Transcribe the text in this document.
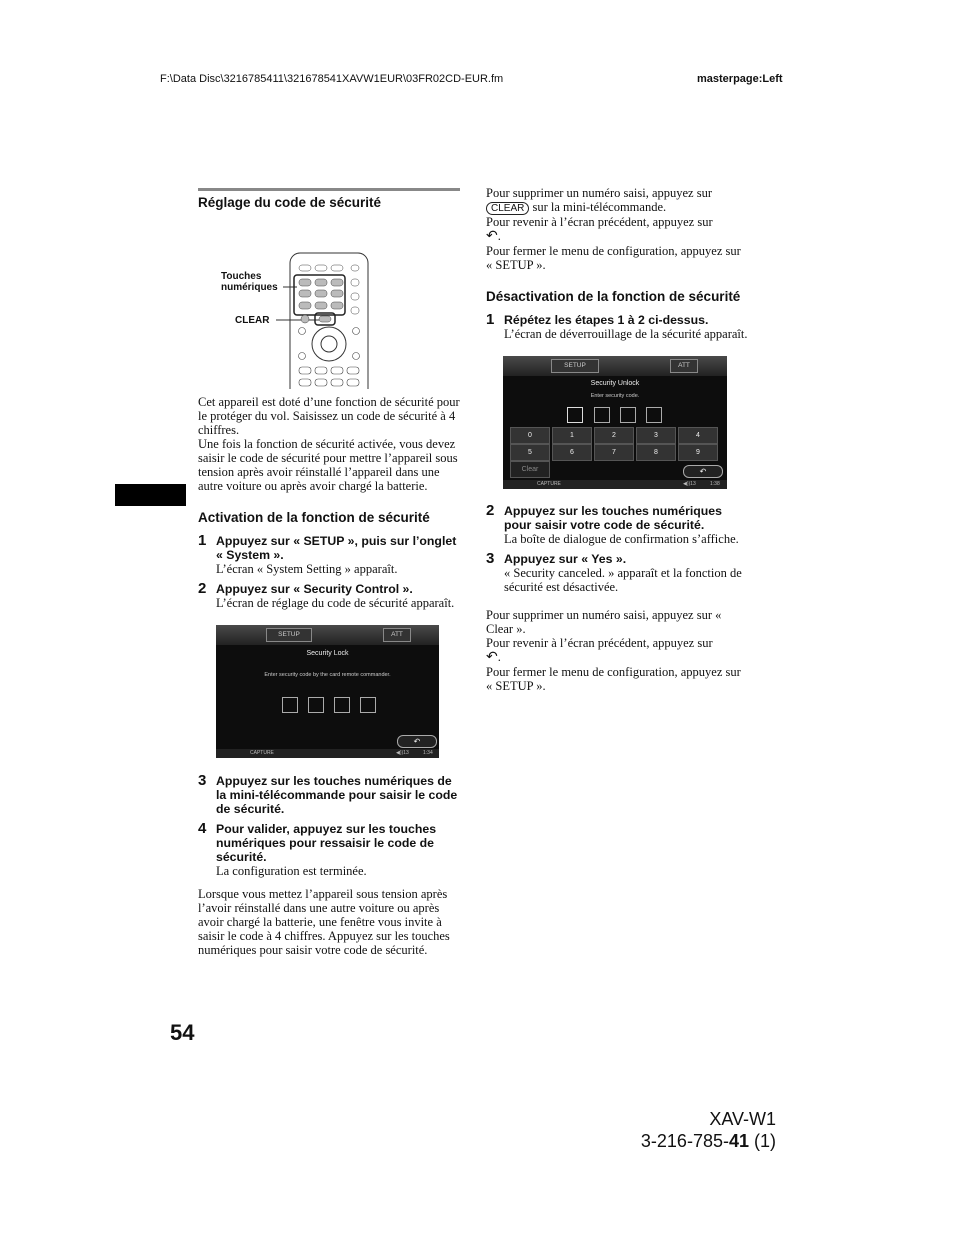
F:\Data Disc\3216785411\321678541XAVW1EUR\03FR02CD-EUR.fm	masterpage:Left
Réglage du code de sécurité
Touches numériques
CLEAR

Cet appareil est doté d’une fonction de sécurité pour le protéger du vol. Saisissez un code de sécurité à 4 chiffres.

Une fois la fonction de sécurité activée, vous devez saisir le code de sécurité pour mettre l’appareil sous tension après avoir réinstallé l’appareil dans une autre voiture ou après avoir chargé la batterie.

Activation de la fonction de sécurité
1 Appuyez sur « SETUP », puis sur l’onglet « System ».
L’écran « System Setting » apparaît.
2 Appuyez sur « Security Control ».
L’écran de réglage du code de sécurité apparaît.
SETUP	ATT
Security Lock
Enter security code by the card remote commander.
↶
CAPTURE	◀))13	1:34
3 Appuyez sur les touches numériques de la mini-télécommande pour saisir le code de sécurité.
4 Pour valider, appuyez sur les touches numériques pour ressaisir le code de sécurité.
La configuration est terminée.

Lorsque vous mettez l’appareil sous tension après l’avoir réinstallé dans une autre voiture ou après avoir chargé la batterie, une fenêtre vous invite à saisir le code à 4 chiffres. Appuyez sur les touches numériques pour saisir votre code de sécurité.

Pour supprimer un numéro saisi, appuyez sur
CLEAR sur la mini-télécommande.

Pour revenir à l’écran précédent, appuyez sur
↶.

Pour fermer le menu de configuration, appuyez sur « SETUP ».

Désactivation de la fonction de sécurité
1 Répétez les étapes 1 à 2 ci-dessus.
L’écran de déverrouillage de la sécurité apparaît.
SETUP	ATT
Security Unlock
Enter security code.
0	1	2	3	4
5	6	7	8	9
Clear	↶
CAPTURE	◀))13	1:38
2 Appuyez sur les touches numériques pour saisir votre code de sécurité.
La boîte de dialogue de confirmation s’affiche.
3 Appuyez sur « Yes ».
« Security canceled. » apparaît et la fonction de sécurité est désactivée.

Pour supprimer un numéro saisi, appuyez sur « Clear ».

Pour revenir à l’écran précédent, appuyez sur
↶.

Pour fermer le menu de configuration, appuyez sur « SETUP ».

54
XAV-W1
3-216-785-41 (1)
